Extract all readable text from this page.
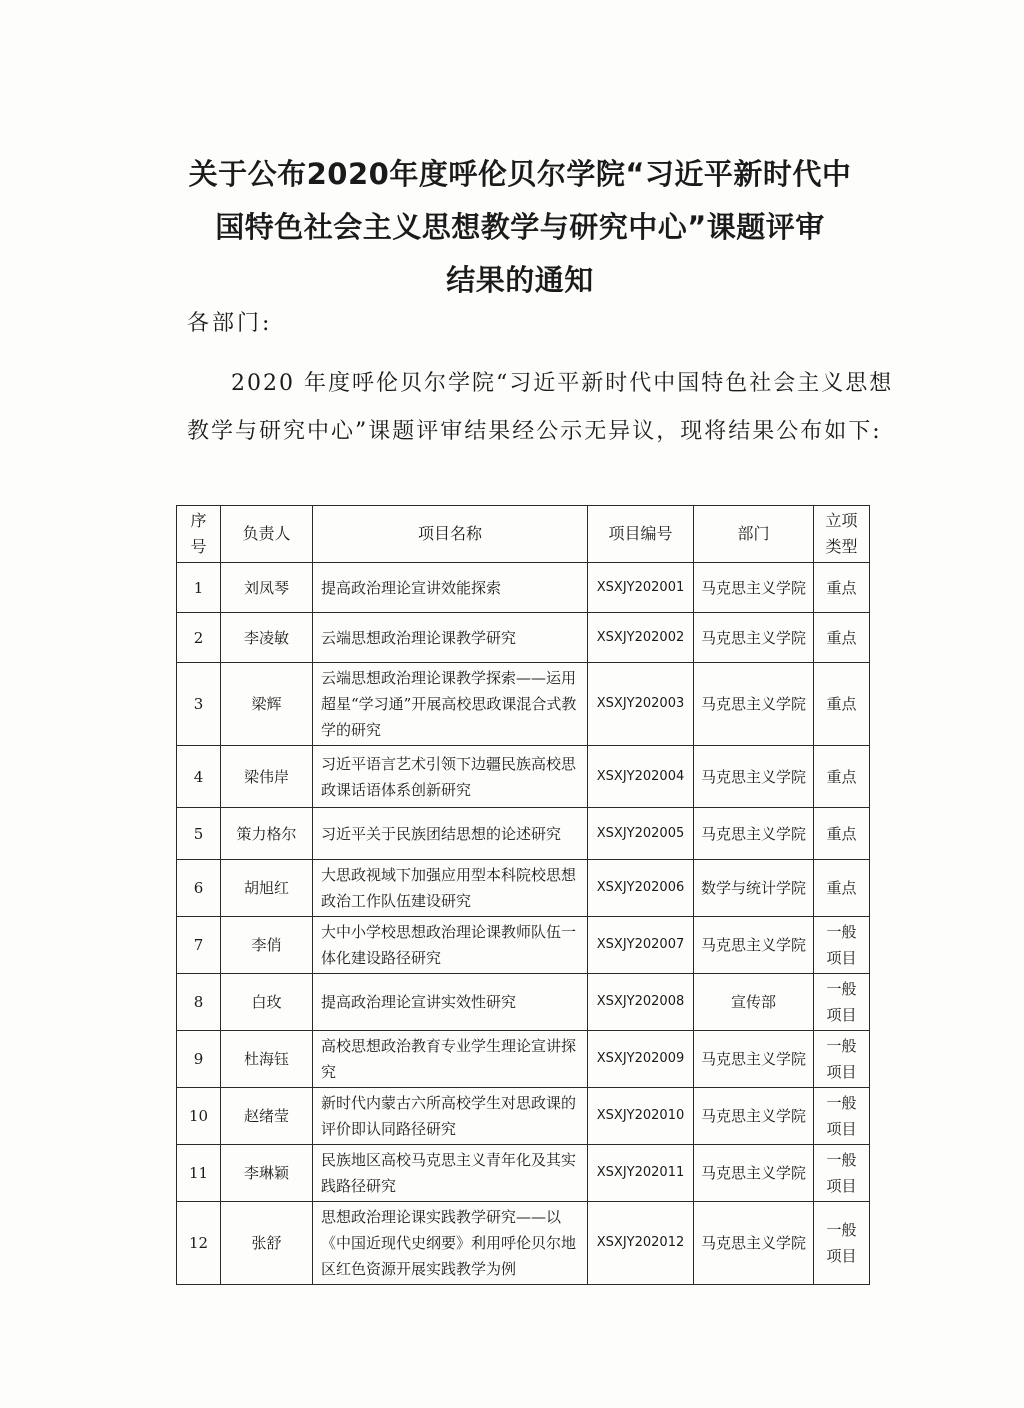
关于公布2020年度呼伦贝尔学院“习近平新时代中
国特色社会主义思想教学与研究中心”课题评审
结果的通知
各部门:
2020 年度呼伦贝尔学院“习近平新时代中国特色社会主义思想
教学与研究中心”课题评审结果经公示无异议，现将结果公布如下:
序号	负责人	项目名称	项目编号	部门	立项类型
1	刘凤琴	提高政治理论宣讲效能探索	XSXJY202001	马克思主义学院	重点
2	李凌敏	云端思想政治理论课教学研究	XSXJY202002	马克思主义学院	重点
3	梁辉	云端思想政治理论课教学探索——运用超星“学习通”开展高校思政课混合式教学的研究	XSXJY202003	马克思主义学院	重点
4	梁伟岸	习近平语言艺术引领下边疆民族高校思政课话语体系创新研究	XSXJY202004	马克思主义学院	重点
5	策力格尔	习近平关于民族团结思想的论述研究	XSXJY202005	马克思主义学院	重点
6	胡旭红	大思政视域下加强应用型本科院校思想政治工作队伍建设研究	XSXJY202006	数学与统计学院	重点
7	李俏	大中小学校思想政治理论课教师队伍一体化建设路径研究	XSXJY202007	马克思主义学院	一般项目
8	白玫	提高政治理论宣讲实效性研究	XSXJY202008	宣传部	一般项目
9	杜海钰	高校思想政治教育专业学生理论宣讲探究	XSXJY202009	马克思主义学院	一般项目
10	赵绪莹	新时代内蒙古六所高校学生对思政课的评价即认同路径研究	XSXJY202010	马克思主义学院	一般项目
11	李琳颖	民族地区高校马克思主义青年化及其实践路径研究	XSXJY202011	马克思主义学院	一般项目
12	张舒	思想政治理论课实践教学研究——以《中国近现代史纲要》利用呼伦贝尔地区红色资源开展实践教学为例	XSXJY202012	马克思主义学院	一般项目
